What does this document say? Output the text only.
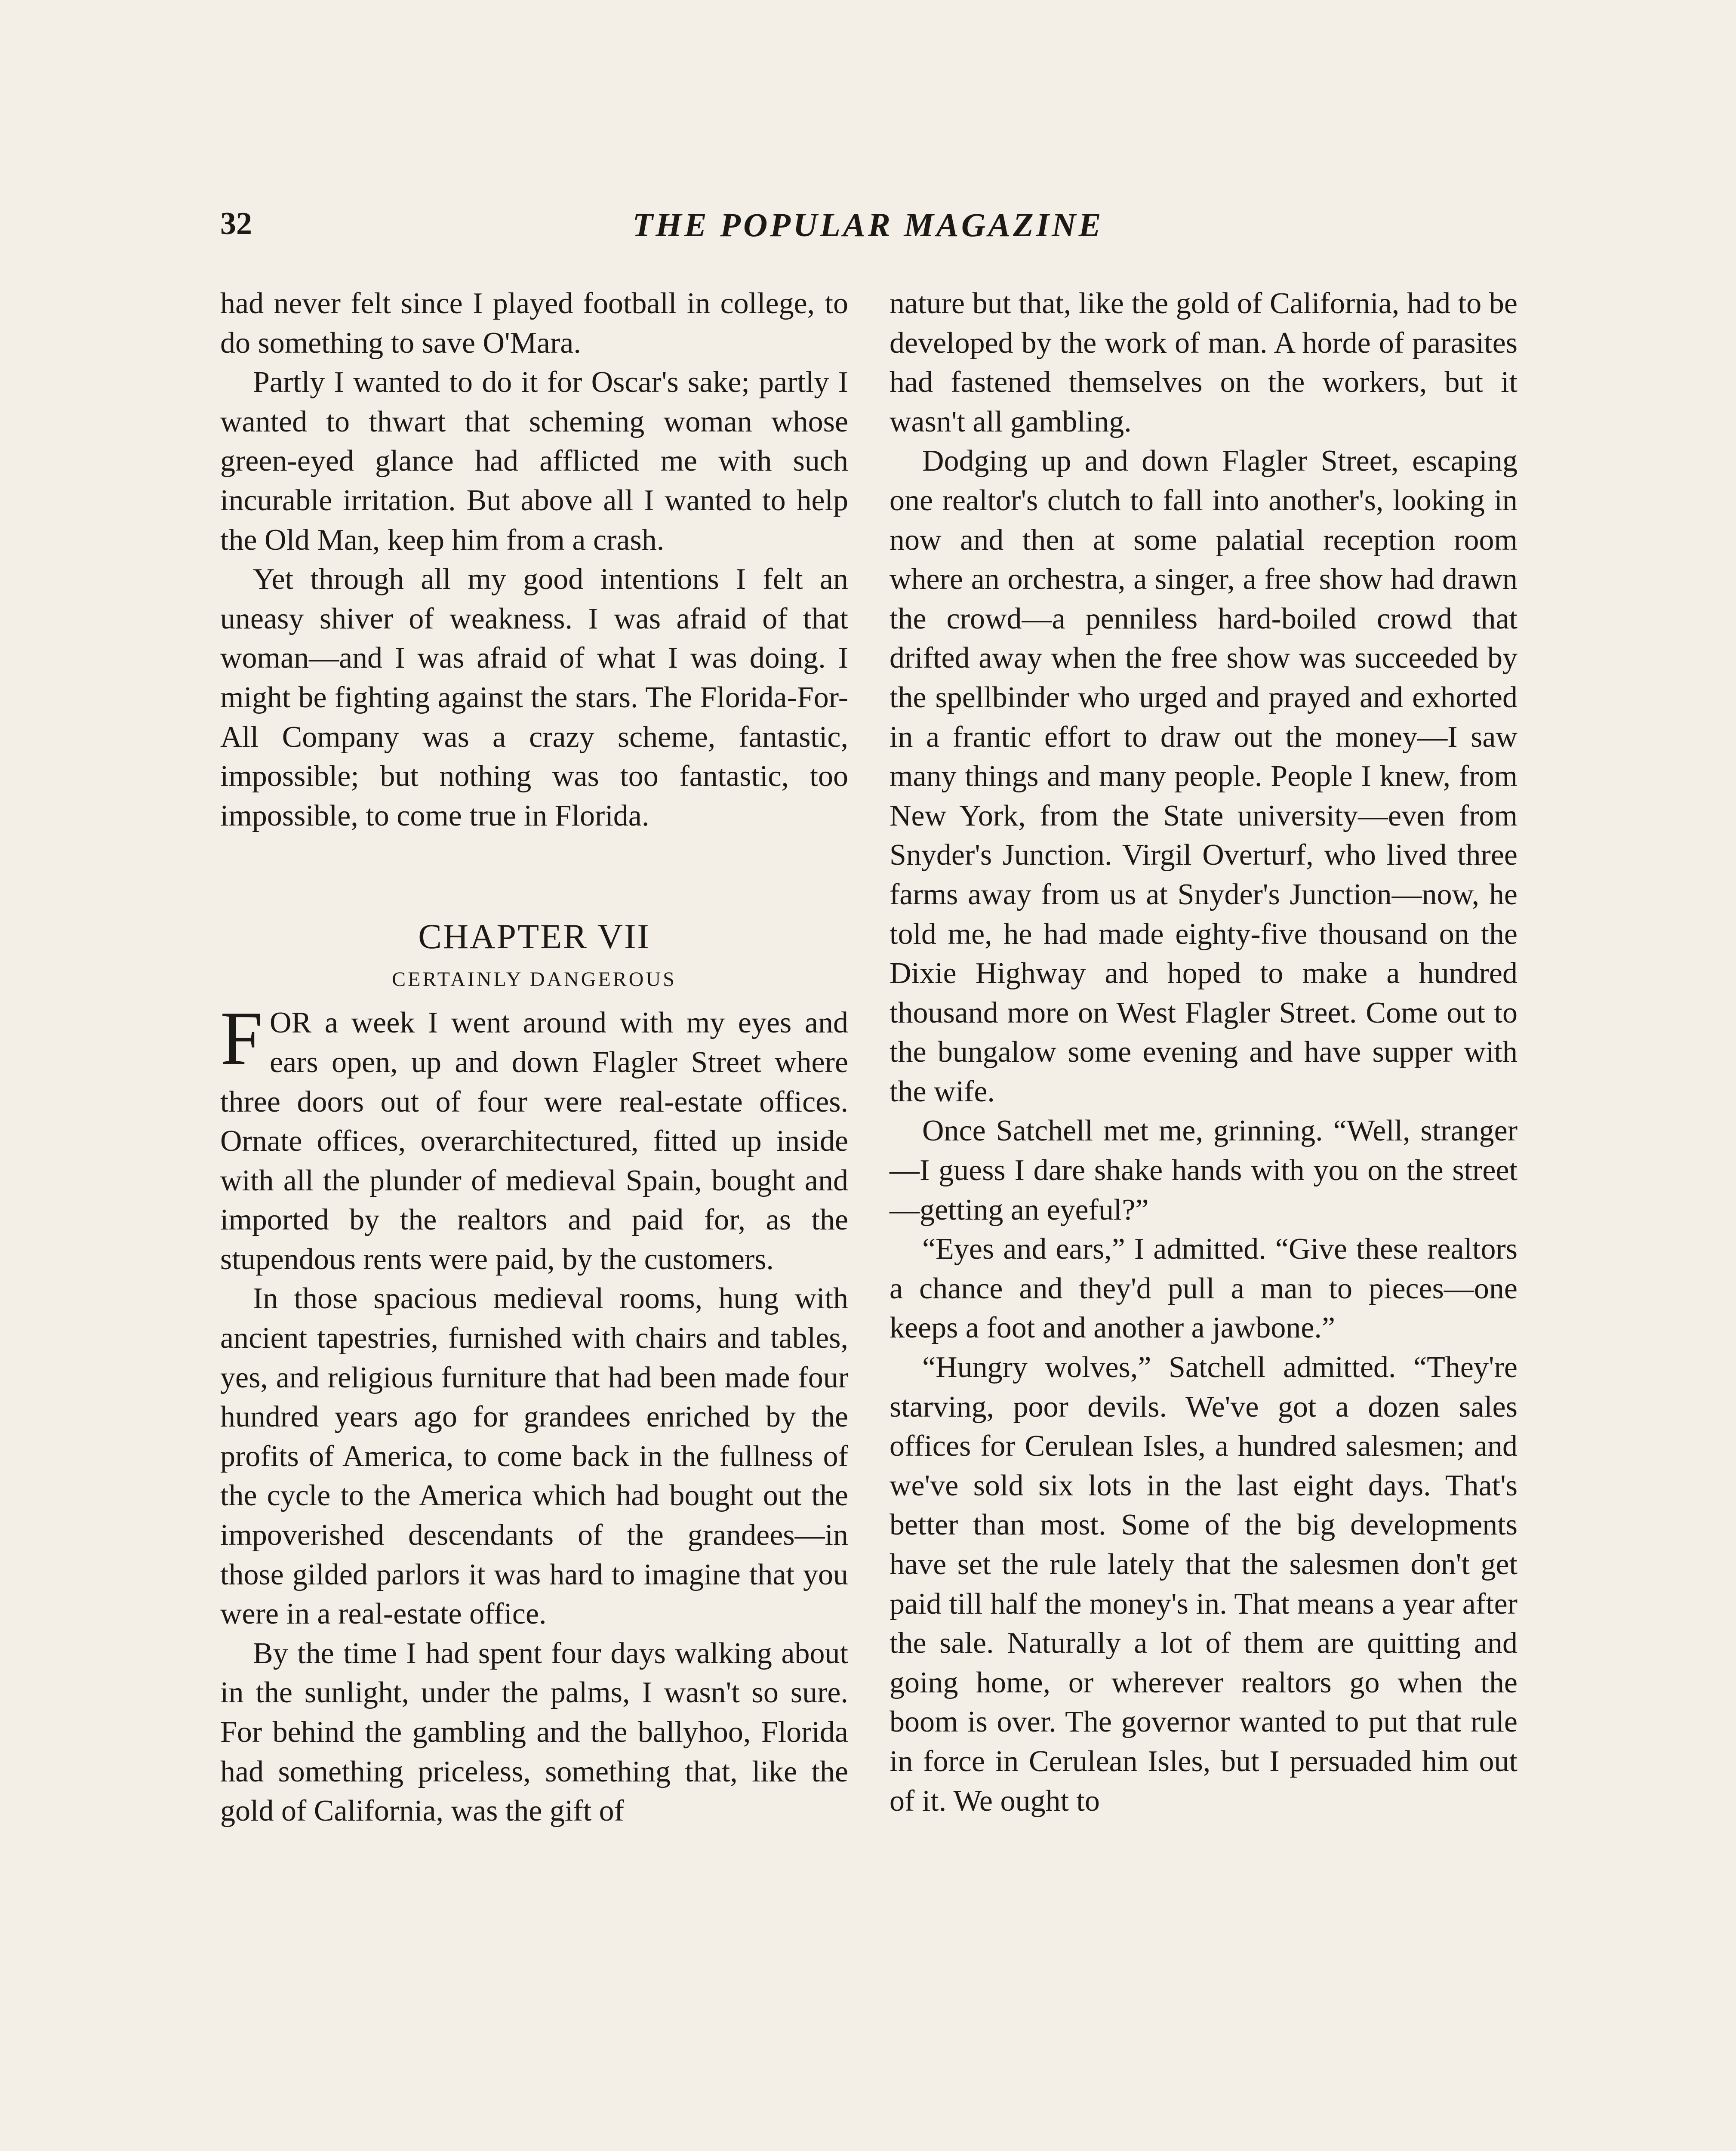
32	THE POPULAR MAGAZINE

had never felt since I played football in college, to do something to save O'Mara.

Partly I wanted to do it for Oscar's sake; partly I wanted to thwart that scheming woman whose green-eyed glance had afflicted me with such incurable irritation. But above all I wanted to help the Old Man, keep him from a crash.

Yet through all my good intentions I felt an uneasy shiver of weakness. I was afraid of that woman—and I was afraid of what I was doing. I might be fighting against the stars. The Florida-For-All Company was a crazy scheme, fantastic, impossible; but nothing was too fantastic, too impossible, to come true in Florida.

CHAPTER VII
CERTAINLY DANGEROUS

FOR a week I went around with my eyes and ears open, up and down Flagler Street where three doors out of four were real-estate offices. Ornate offices, overarchitectured, fitted up inside with all the plunder of medieval Spain, bought and imported by the realtors and paid for, as the stupendous rents were paid, by the customers.

In those spacious medieval rooms, hung with ancient tapestries, furnished with chairs and tables, yes, and religious furniture that had been made four hundred years ago for grandees enriched by the profits of America, to come back in the fullness of the cycle to the America which had bought out the impoverished descendants of the grandees—in those gilded parlors it was hard to imagine that you were in a real-estate office.

By the time I had spent four days walking about in the sunlight, under the palms, I wasn't so sure. For behind the gambling and the ballyhoo, Florida had something priceless, something that, like the gold of California, was the gift of

nature but that, like the gold of California, had to be developed by the work of man. A horde of parasites had fastened themselves on the workers, but it wasn't all gambling.

Dodging up and down Flagler Street, escaping one realtor's clutch to fall into another's, looking in now and then at some palatial reception room where an orchestra, a singer, a free show had drawn the crowd—a penniless hard-boiled crowd that drifted away when the free show was succeeded by the spellbinder who urged and prayed and exhorted in a frantic effort to draw out the money—I saw many things and many people. People I knew, from New York, from the State university—even from Snyder's Junction. Virgil Overturf, who lived three farms away from us at Snyder's Junction—now, he told me, he had made eighty-five thousand on the Dixie Highway and hoped to make a hundred thousand more on West Flagler Street. Come out to the bungalow some evening and have supper with the wife.

Once Satchell met me, grinning. “Well, stranger—I guess I dare shake hands with you on the street—getting an eyeful?”

“Eyes and ears,” I admitted. “Give these realtors a chance and they'd pull a man to pieces—one keeps a foot and another a jawbone.”

“Hungry wolves,” Satchell admitted. “They're starving, poor devils. We've got a dozen sales offices for Cerulean Isles, a hundred salesmen; and we've sold six lots in the last eight days. That's better than most. Some of the big developments have set the rule lately that the salesmen don't get paid till half the money's in. That means a year after the sale. Naturally a lot of them are quitting and going home, or wherever realtors go when the boom is over. The governor wanted to put that rule in force in Cerulean Isles, but I persuaded him out of it. We ought to
